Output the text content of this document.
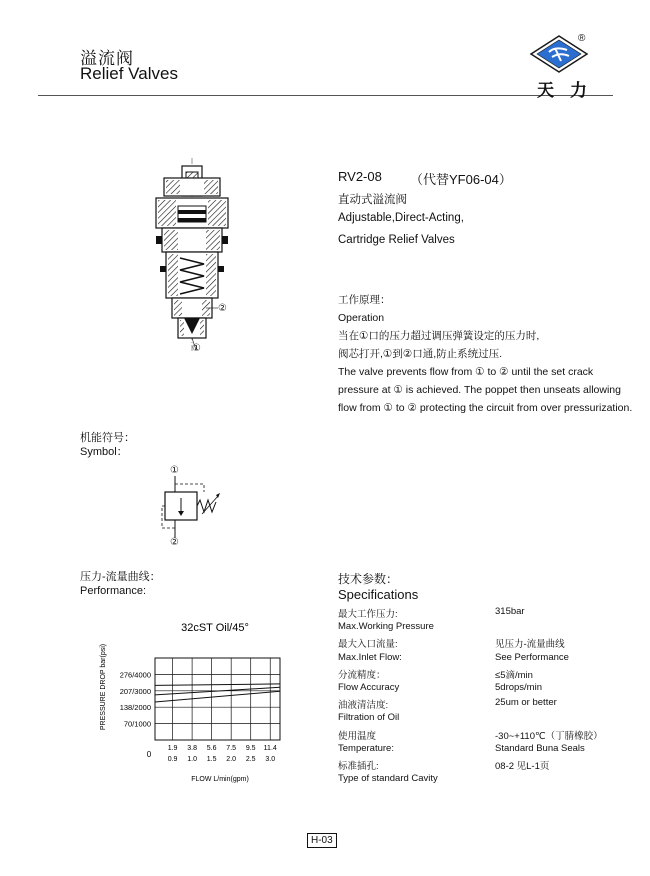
溢流阀
Relief Valves
®
天力
②
①
RV2-08 （代替YF06-04）
直动式溢流阀
Adjustable,Direct-Acting,
Cartridge Relief Valves
工作原理：
Operation
当在①口的压力超过调压弹簧设定的压力时,
阀芯打开,①到②口通,防止系统过压.
The valve prevents flow from ① to ② until the set crack
pressure at ① is achieved. The poppet then unseats allowing
flow from ① to ② protecting the circuit from over pressurization.
机能符号：
Symbol：
①
②
压力-流量曲线：
Performance:
32cST Oil/45°
PRESSURE DROP bar(psi)
FLOW L/min(gpm)
0
1.9
0.9
3.8
1.0
5.6
1.5
7.5
2.0
9.5
2.5
11.4
3.0
276/4000
207/3000
138/2000
70/1000
技术参数：
Specifications
最大工作压力:	315bar
Max.Working Pressure
最大入口流量:	见压力-流量曲线
Max.Inlet Flow:	See Performance
分流精度：	≤5滴/min
Flow Accuracy	5drops/min
油液清洁度:	25um or better
Filtration of Oil
使用温度	-30~+110℃（丁腈橡胶）
Temperature:	Standard Buna Seals
标准插孔:	08-2 见L-1页
Type of standard Cavity
H-03
